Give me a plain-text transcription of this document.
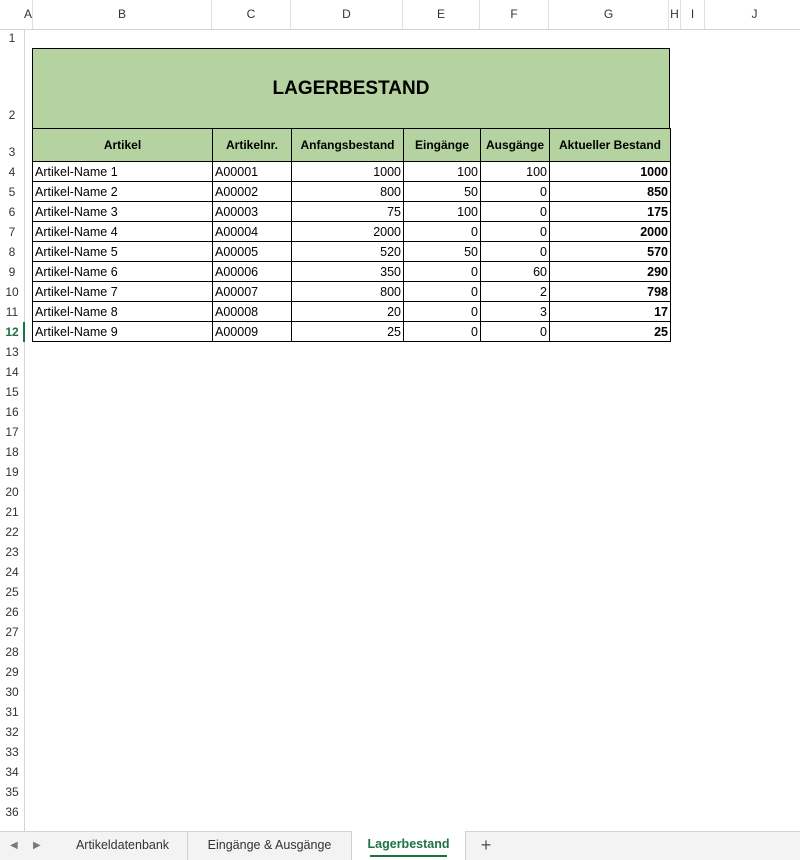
A	B	C	D	E	F	G	H	I	J
1
2
3
4
5
6
7
8
9
10
11
12
13
14
15
16
17
18
19
20
21
22
23
24
25
26
27
28
29
30
31
32
33
34
35
36
LAGERBESTAND
Artikel	Artikelnr.	Anfangsbestand	Eingänge	Ausgänge	Aktueller Bestand
Artikel-Name 1	A00001	1000	100	100	1000
Artikel-Name 2	A00002	800	50	0	850
Artikel-Name 3	A00003	75	100	0	175
Artikel-Name 4	A00004	2000	0	0	2000
Artikel-Name 5	A00005	520	50	0	570
Artikel-Name 6	A00006	350	0	60	290
Artikel-Name 7	A00007	800	0	2	798
Artikel-Name 8	A00008	20	0	3	17
Artikel-Name 9	A00009	25	0	0	25
◀ ▶	Artikeldatenbank	Eingänge & Ausgänge	Lagerbestand	+
